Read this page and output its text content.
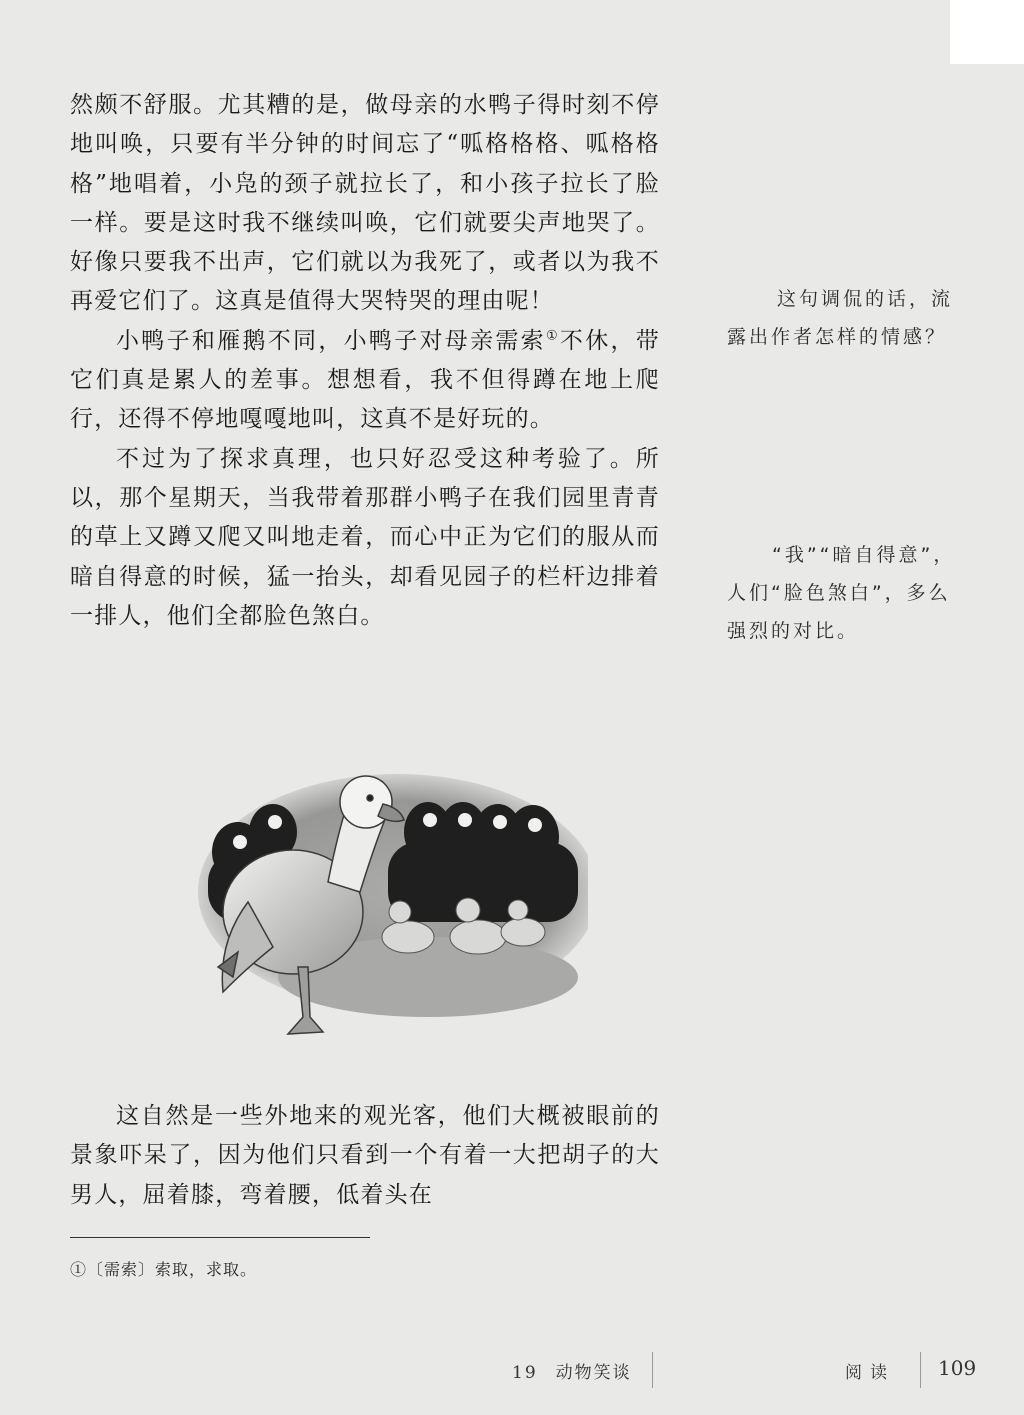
然颇不舒服。尤其糟的是，做母亲的水鸭子得时刻不停地叫唤，只要有半分钟的时间忘了“呱格格格、呱格格格”地唱着，小凫的颈子就拉长了，和小孩子拉长了脸一样。要是这时我不继续叫唤，它们就要尖声地哭了。好像只要我不出声，它们就以为我死了，或者以为我不再爱它们了。这真是值得大哭特哭的理由呢！

小鸭子和雁鹅不同，小鸭子对母亲需索①不休，带它们真是累人的差事。想想看，我不但得蹲在地上爬行，还得不停地嘎嘎地叫，这真不是好玩的。

不过为了探求真理，也只好忍受这种考验了。所以，那个星期天，当我带着那群小鸭子在我们园里青青的草上又蹲又爬又叫地走着，而心中正为它们的服从而暗自得意的时候，猛一抬头，却看见园子的栏杆边排着一排人，他们全都脸色煞白。

这句调侃的话，流露出作者怎样的情感？
“我”“暗自得意”，人们“脸色煞白”，多么强烈的对比。

这自然是一些外地来的观光客，他们大概被眼前的景象吓呆了，因为他们只看到一个有着一大把胡子的大男人，屈着膝，弯着腰，低着头在

①〔需索〕索取，求取。
19 动物笑谈	阅读 109
